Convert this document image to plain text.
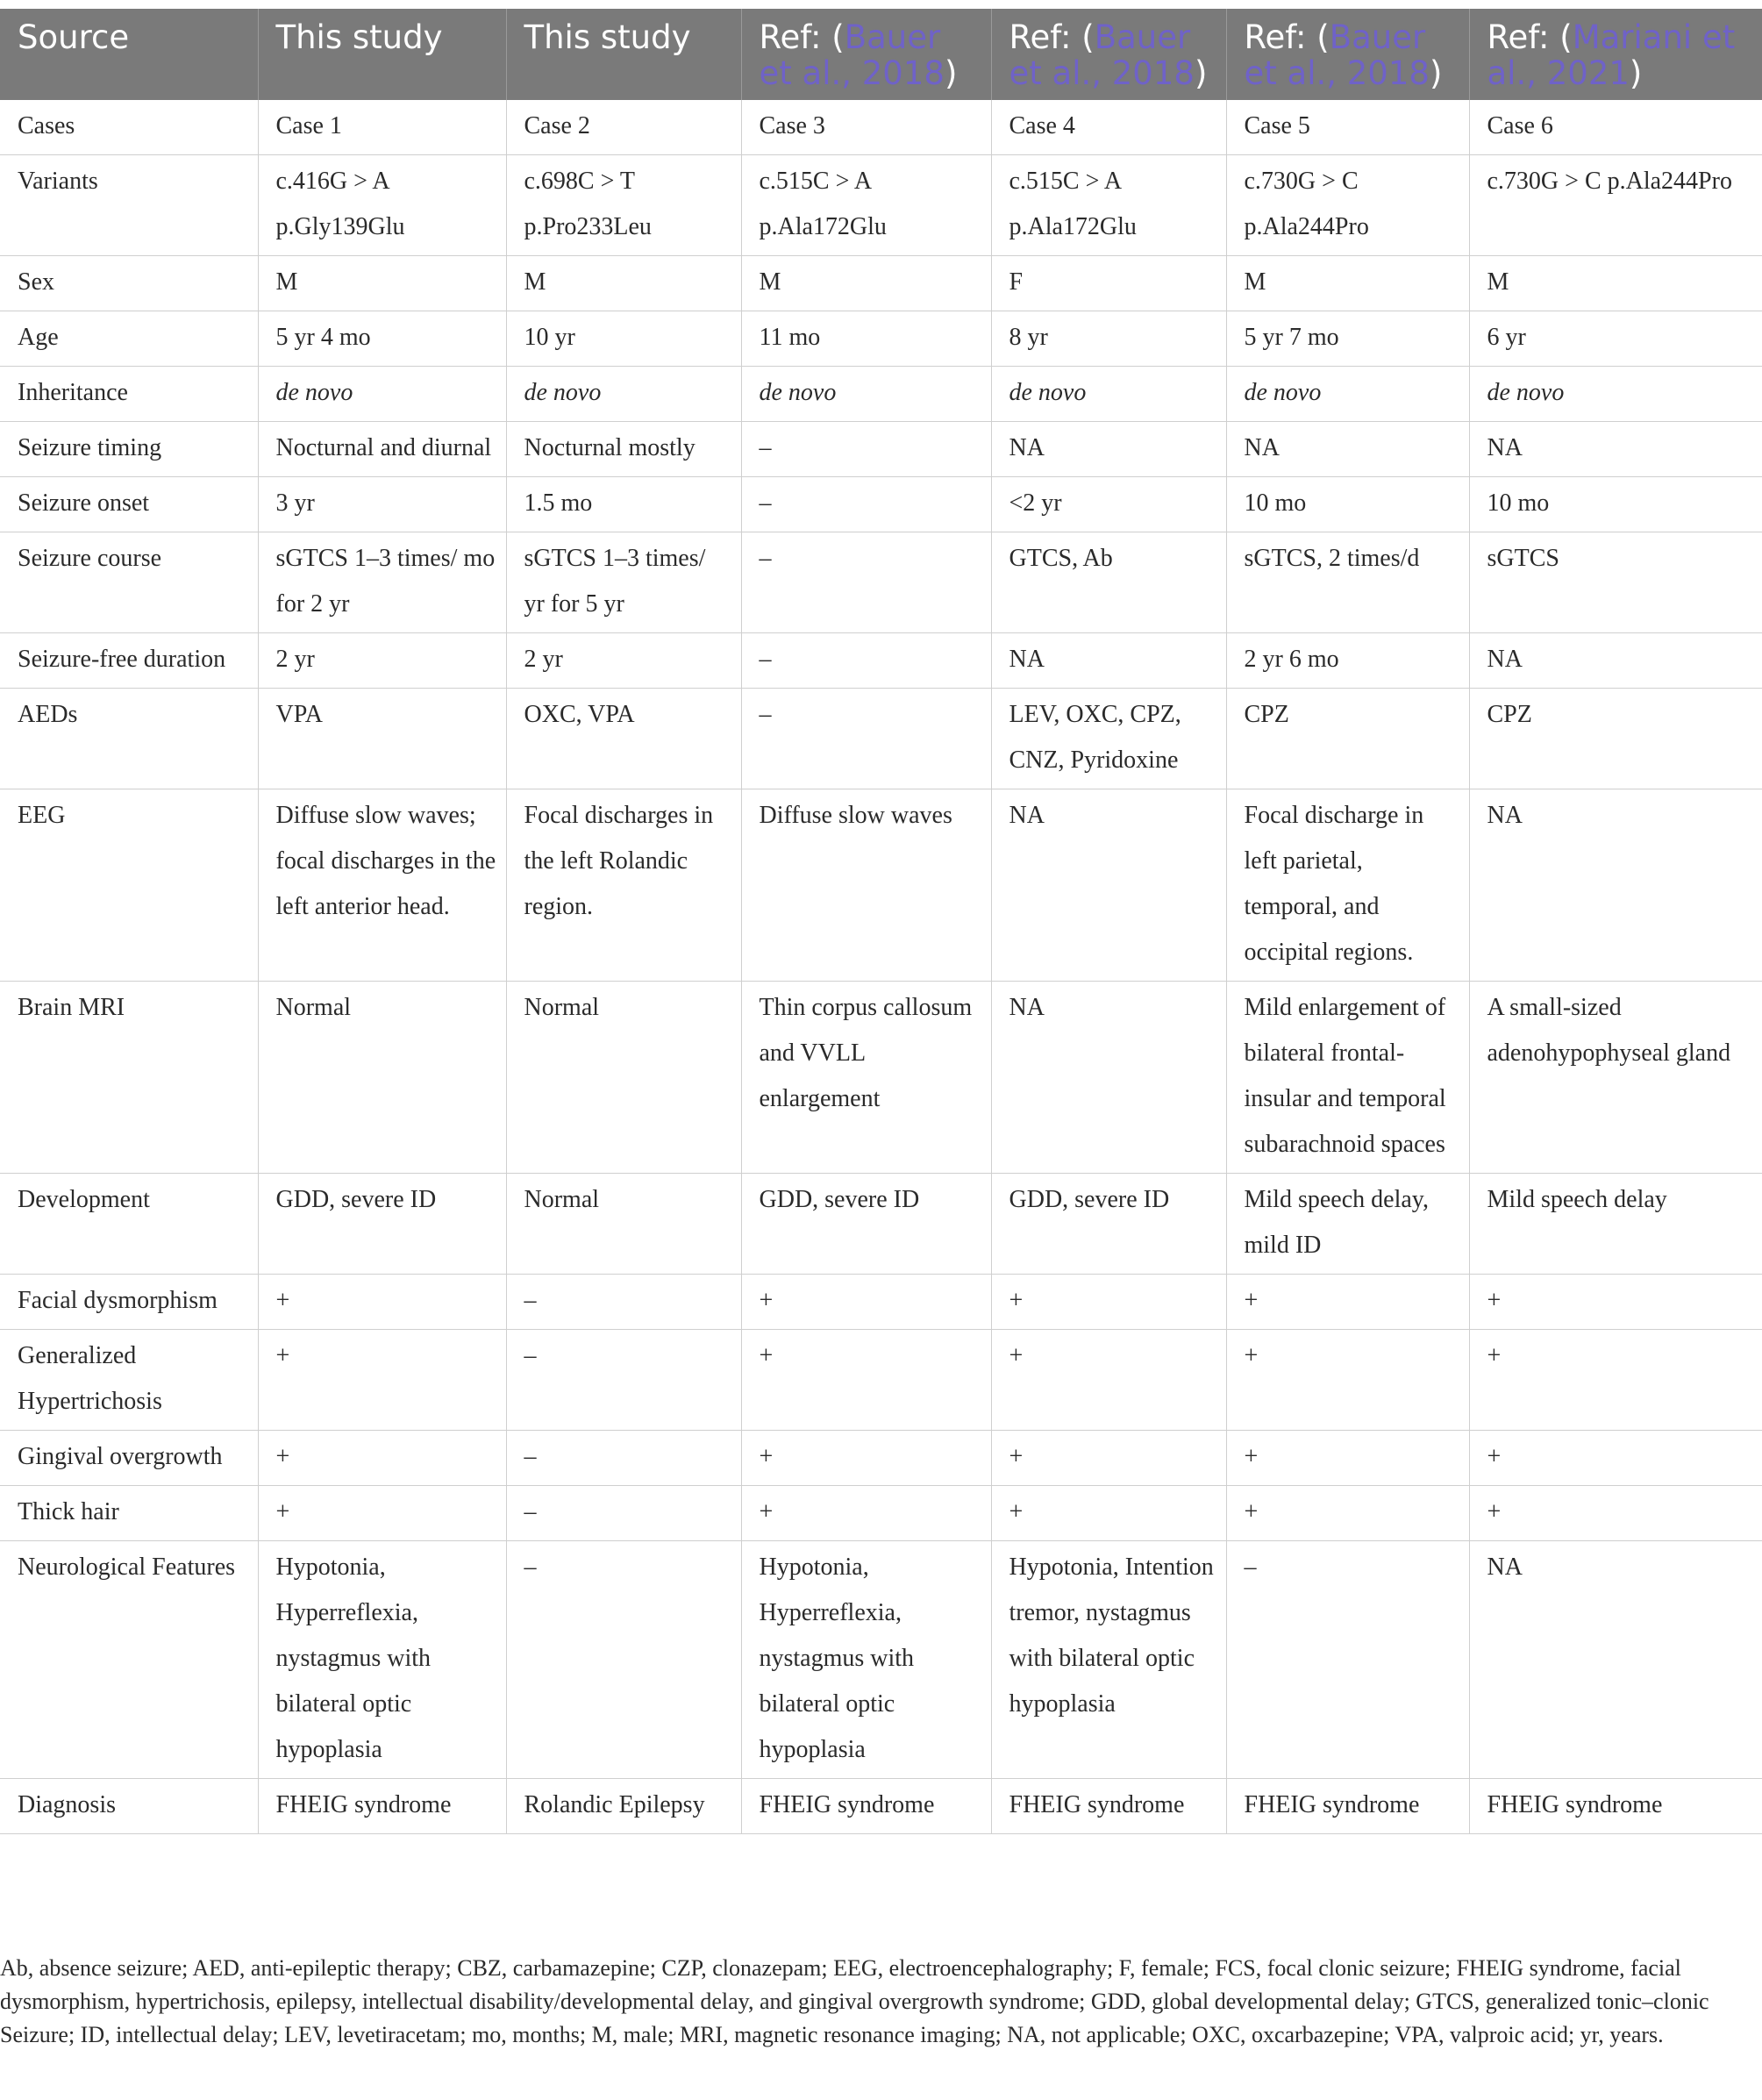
Source	This study	This study	Ref: (Bauer et al., 2018)	Ref: (Bauer et al., 2018)	Ref: (Bauer et al., 2018)	Ref: (Mariani et al., 2021)
Cases	Case 1	Case 2	Case 3	Case 4	Case 5	Case 6
Variants	c.416G > A p.Gly139Glu	c.698C > T p.Pro233Leu	c.515C > A p.Ala172Glu	c.515C > A p.Ala172Glu	c.730G > C p.Ala244Pro	c.730G > C p.Ala244Pro
Sex	M	M	M	F	M	M
Age	5 yr 4 mo	10 yr	11 mo	8 yr	5 yr 7 mo	6 yr
Inheritance	de novo	de novo	de novo	de novo	de novo	de novo
Seizure timing	Nocturnal and diurnal	Nocturnal mostly	–	NA	NA	NA
Seizure onset	3 yr	1.5 mo	–	<2 yr	10 mo	10 mo
Seizure course	sGTCS 1–3 times/ mo for 2 yr	sGTCS 1–3 times/ yr for 5 yr	–	GTCS, Ab	sGTCS, 2 times/d	sGTCS
Seizure-free duration	2 yr	2 yr	–	NA	2 yr 6 mo	NA
AEDs	VPA	OXC, VPA	–	LEV, OXC, CPZ, CNZ, Pyridoxine	CPZ	CPZ
EEG	Diffuse slow waves; focal discharges in the left anterior head.	Focal discharges in the left Rolandic region.	Diffuse slow waves	NA	Focal discharge in left parietal, temporal, and occipital regions.	NA
Brain MRI	Normal	Normal	Thin corpus callosum and VVLL enlargement	NA	Mild enlargement of bilateral frontal-insular and temporal subarachnoid spaces	A small-sized adenohypophyseal gland
Development	GDD, severe ID	Normal	GDD, severe ID	GDD, severe ID	Mild speech delay, mild ID	Mild speech delay
Facial dysmorphism	+	–	+	+	+	+
Generalized Hypertrichosis	+	–	+	+	+	+
Gingival overgrowth	+	–	+	+	+	+
Thick hair	+	–	+	+	+	+
Neurological Features	Hypotonia, Hyperreflexia, nystagmus with bilateral optic hypoplasia	–	Hypotonia, Hyperreflexia, nystagmus with bilateral optic hypoplasia	Hypotonia, Intention tremor, nystagmus with bilateral optic hypoplasia	–	NA
Diagnosis	FHEIG syndrome	Rolandic Epilepsy	FHEIG syndrome	FHEIG syndrome	FHEIG syndrome	FHEIG syndrome
Ab, absence seizure; AED, anti-epileptic therapy; CBZ, carbamazepine; CZP, clonazepam; EEG, electroencephalography; F, female; FCS, focal clonic seizure; FHEIG syndrome, facial dysmorphism, hypertrichosis, epilepsy, intellectual disability/developmental delay, and gingival overgrowth syndrome; GDD, global developmental delay; GTCS, generalized tonic–clonic Seizure; ID, intellectual delay; LEV, levetiracetam; mo, months; M, male; MRI, magnetic resonance imaging; NA, not applicable; OXC, oxcarbazepine; VPA, valproic acid; yr, years.
